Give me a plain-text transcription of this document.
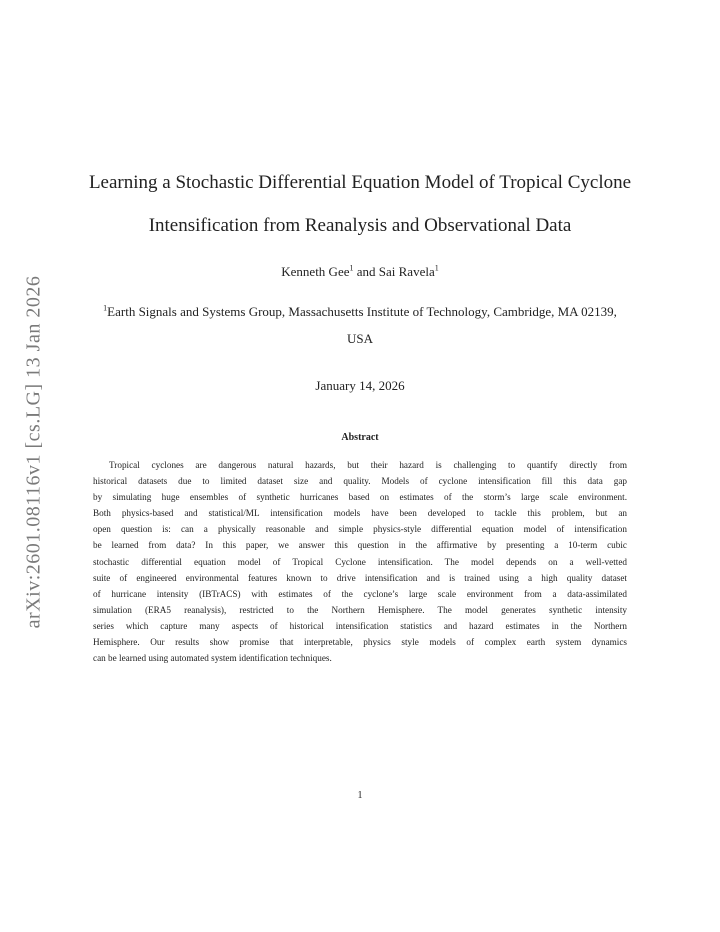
arXiv:2601.08116v1 [cs.LG] 13 Jan 2026
Learning a Stochastic Differential Equation Model of Tropical Cyclone
Intensification from Reanalysis and Observational Data
Kenneth Gee$^1$ and Sai Ravela$^1$
$^1$Earth Signals and Systems Group, Massachusetts Institute of Technology, Cambridge, MA 02139,
USA
January 14, 2026
Abstract
Tropical cyclones are dangerous natural hazards, but their hazard is challenging to quantify directly from
historical datasets due to limited dataset size and quality. Models of cyclone intensification fill this data gap
by simulating huge ensembles of synthetic hurricanes based on estimates of the storm’s large scale environment.
Both physics-based and statistical/ML intensification models have been developed to tackle this problem, but an
open question is: can a physically reasonable and simple physics-style differential equation model of intensification
be learned from data? In this paper, we answer this question in the affirmative by presenting a 10-term cubic
stochastic differential equation model of Tropical Cyclone intensification. The model depends on a well-vetted
suite of engineered environmental features known to drive intensification and is trained using a high quality dataset
of hurricane intensity (IBTrACS) with estimates of the cyclone’s large scale environment from a data-assimilated
simulation (ERA5 reanalysis), restricted to the Northern Hemisphere. The model generates synthetic intensity
series which capture many aspects of historical intensification statistics and hazard estimates in the Northern
Hemisphere. Our results show promise that interpretable, physics style models of complex earth system dynamics
can be learned using automated system identification techniques.
1
